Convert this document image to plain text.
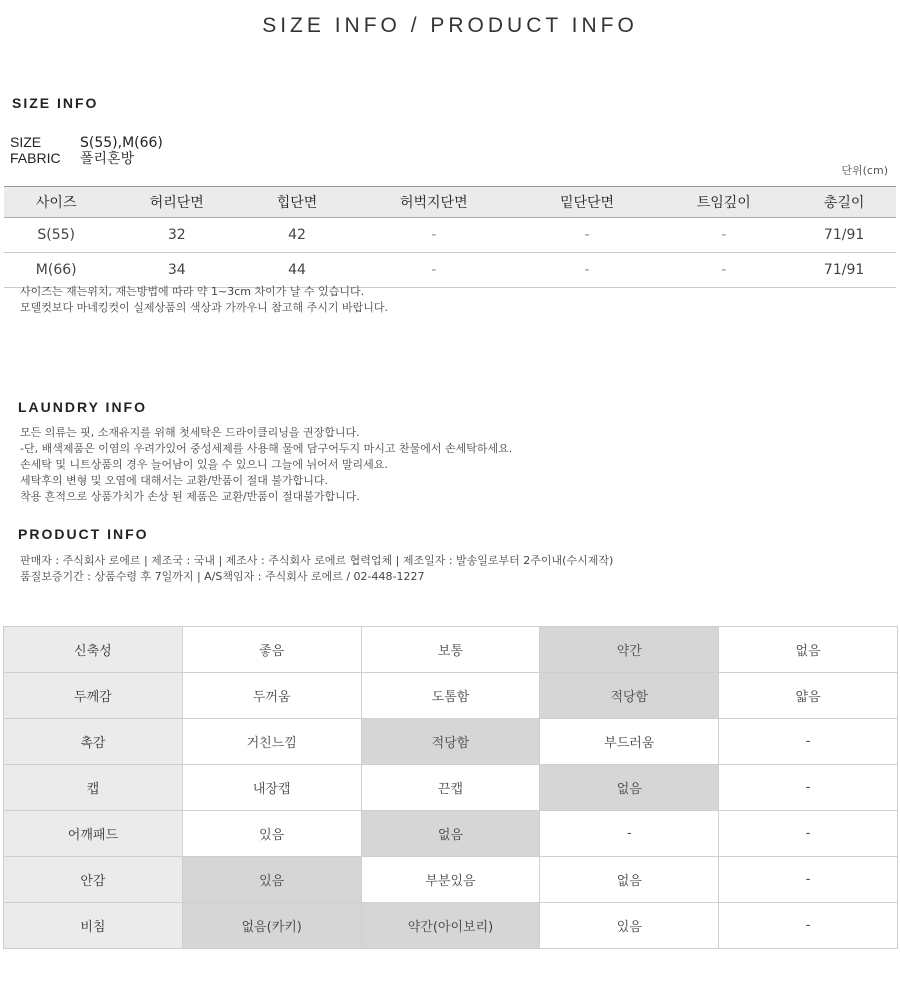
SIZE INFO / PRODUCT INFO
SIZE INFO
SIZE	S(55),M(66)
FABRIC 폴리혼방
단위(cm)
사이즈	허리단면	힙단면	허벅지단면	밑단단면	트임깊이	총길이
S(55)	32	42	-	-	-	71/91
M(66)	34	44	-	-	-	71/91
사이즈는 재는위치, 재는방법에 따라 약 1~3cm 차이가 날 수 있습니다.
모델컷보다 마네킹컷이 실제상품의 색상과 가까우니 참고해 주시기 바랍니다.
LAUNDRY INFO
모든 의류는 핏, 소재유지를 위해 첫세탁은 드라이클리닝을 권장합니다.
-단, 배색제품은 이염의 우려가있어 중성세제를 사용해 물에 담구어두지 마시고 찬물에서 손세탁하세요.
손세탁 및 니트상품의 경우 늘어남이 있을 수 있으니 그늘에 뉘어서 말리세요.
세탁후의 변형 및 오염에 대해서는 교환/반품이 절대 불가합니다.
착용 흔적으로 상품가치가 손상 된 제품은 교환/반품이 절대불가합니다.
PRODUCT INFO
판매자 : 주식회사 로에르 | 제조국 : 국내 | 제조사 : 주식회사 로에르 협력업체 | 제조일자 : 발송일로부터 2주이내(수시제작)
품질보증기간 : 상품수령 후 7일까지 | A/S책임자 : 주식회사 로에르 / 02-448-1227
신축성	좋음	보통	약간	없음
두께감	두꺼움	도톰함	적당함	얇음
촉감	거친느낌	적당함	부드러움	-
캡	내장캡	끈캡	없음	-
어깨패드	있음	없음	-	-
안감	있음	부분있음	없음	-
비침	없음(카키)	약간(아이보리)	있음	-
